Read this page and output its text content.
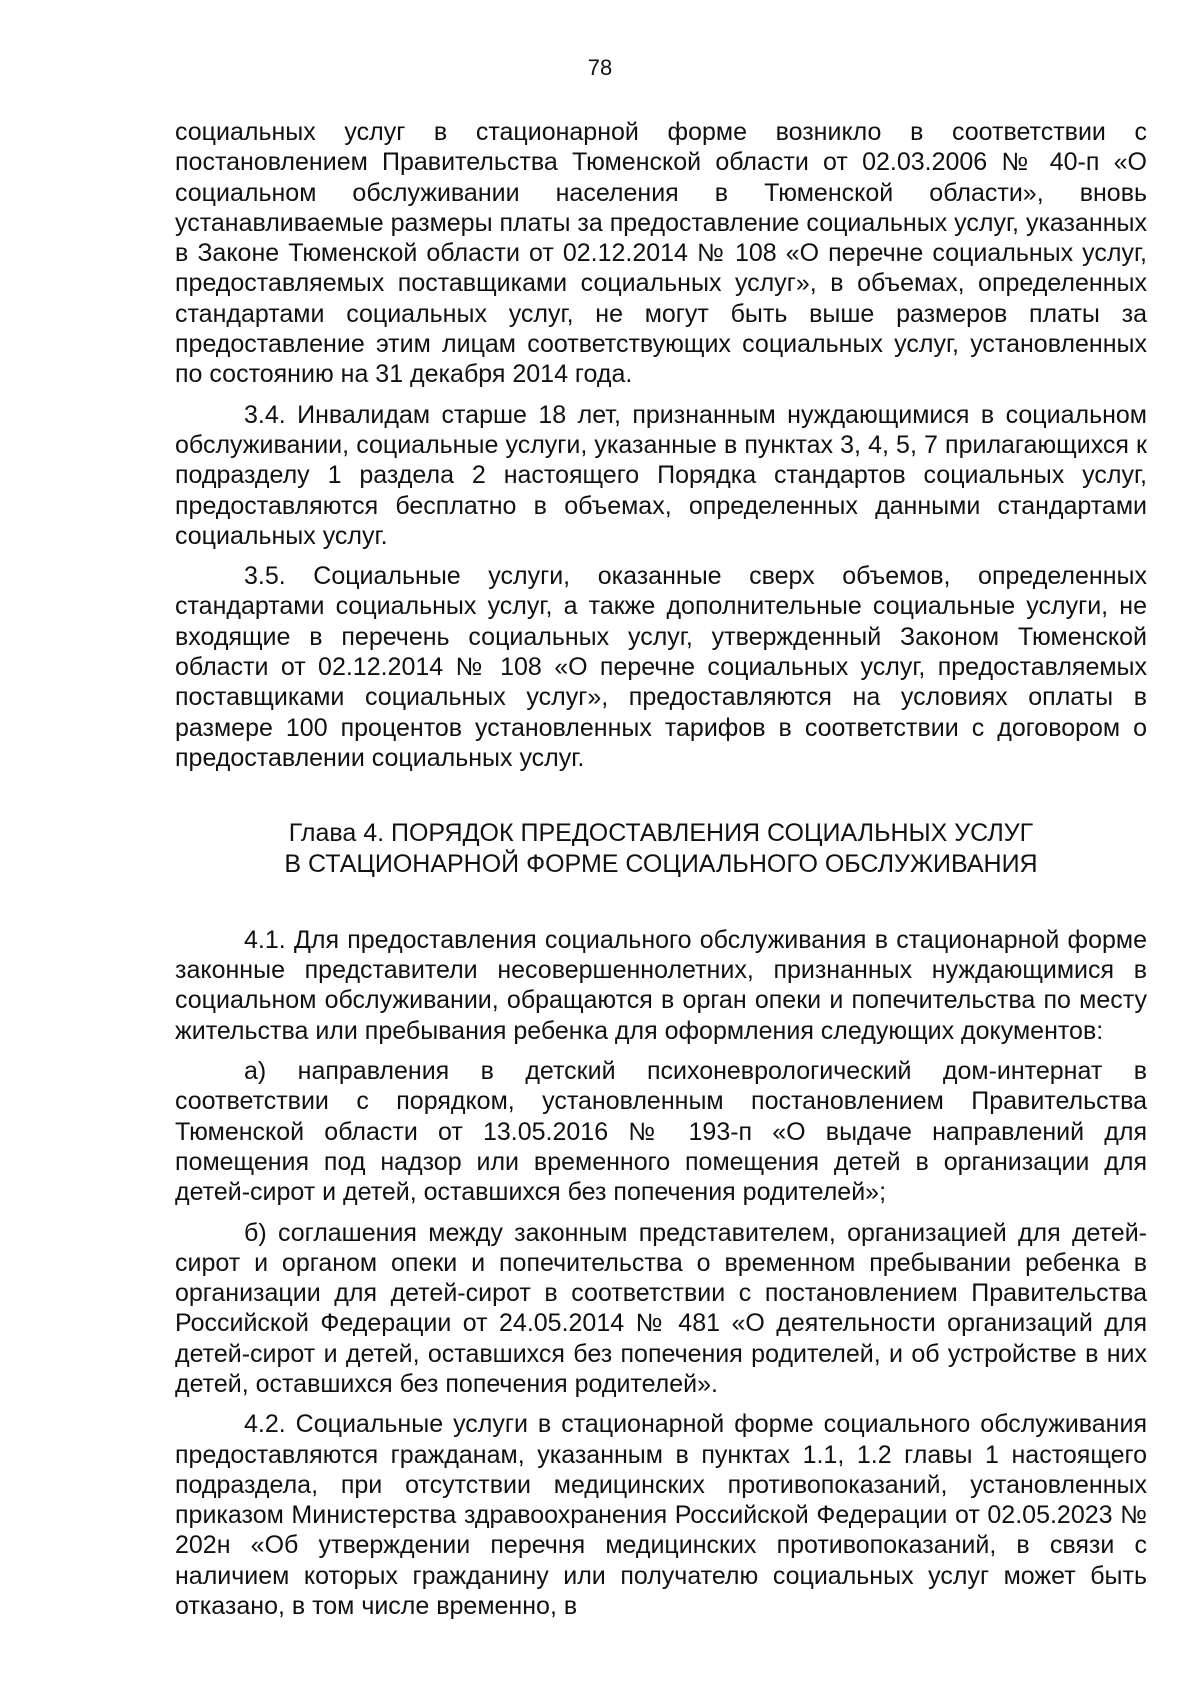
78

социальных услуг в стационарной форме возникло в соответствии с постановлением Правительства Тюменской области от 02.03.2006 № 40-п «О социальном обслуживании населения в Тюменской области», вновь устанавливаемые размеры платы за предоставление социальных услуг, указанных в Законе Тюменской области от 02.12.2014 № 108 «О перечне социальных услуг, предоставляемых поставщиками социальных услуг», в объемах, определенных стандартами социальных услуг, не могут быть выше размеров платы за предоставление этим лицам соответствующих социальных услуг, установленных по состоянию на 31 декабря 2014 года.

3.4. Инвалидам старше 18 лет, признанным нуждающимися в социальном обслуживании, социальные услуги, указанные в пунктах 3, 4, 5, 7 прилагающихся к подразделу 1 раздела 2 настоящего Порядка стандартов социальных услуг, предоставляются бесплатно в объемах, определенных данными стандартами социальных услуг.

3.5. Социальные услуги, оказанные сверх объемов, определенных стандартами социальных услуг, а также дополнительные социальные услуги, не входящие в перечень социальных услуг, утвержденный Законом Тюменской области от 02.12.2014 № 108 «О перечне социальных услуг, предоставляемых поставщиками социальных услуг», предоставляются на условиях оплаты в размере 100 процентов установленных тарифов в соответствии с договором о предоставлении социальных услуг.

Глава 4. ПОРЯДОК ПРЕДОСТАВЛЕНИЯ СОЦИАЛЬНЫХ УСЛУГ
В СТАЦИОНАРНОЙ ФОРМЕ СОЦИАЛЬНОГО ОБСЛУЖИВАНИЯ

4.1. Для предоставления социального обслуживания в стационарной форме законные представители несовершеннолетних, признанных нуждающимися в социальном обслуживании, обращаются в орган опеки и попечительства по месту жительства или пребывания ребенка для оформления следующих документов:

а) направления в детский психоневрологический дом-интернат в соответствии с порядком, установленным постановлением Правительства Тюменской области от 13.05.2016 № 193-п «О выдаче направлений для помещения под надзор или временного помещения детей в организации для детей-сирот и детей, оставшихся без попечения родителей»;

б) соглашения между законным представителем, организацией для детей-сирот и органом опеки и попечительства о временном пребывании ребенка в организации для детей-сирот в соответствии с постановлением Правительства Российской Федерации от 24.05.2014 № 481 «О деятельности организаций для детей-сирот и детей, оставшихся без попечения родителей, и об устройстве в них детей, оставшихся без попечения родителей».

4.2. Социальные услуги в стационарной форме социального обслуживания предоставляются гражданам, указанным в пунктах 1.1, 1.2 главы 1 настоящего подраздела, при отсутствии медицинских противопоказаний, установленных приказом Министерства здравоохранения Российской Федерации от 02.05.2023 № 202н «Об утверждении перечня медицинских противопоказаний, в связи с наличием которых гражданину или получателю социальных услуг может быть отказано, в том числе временно, в
